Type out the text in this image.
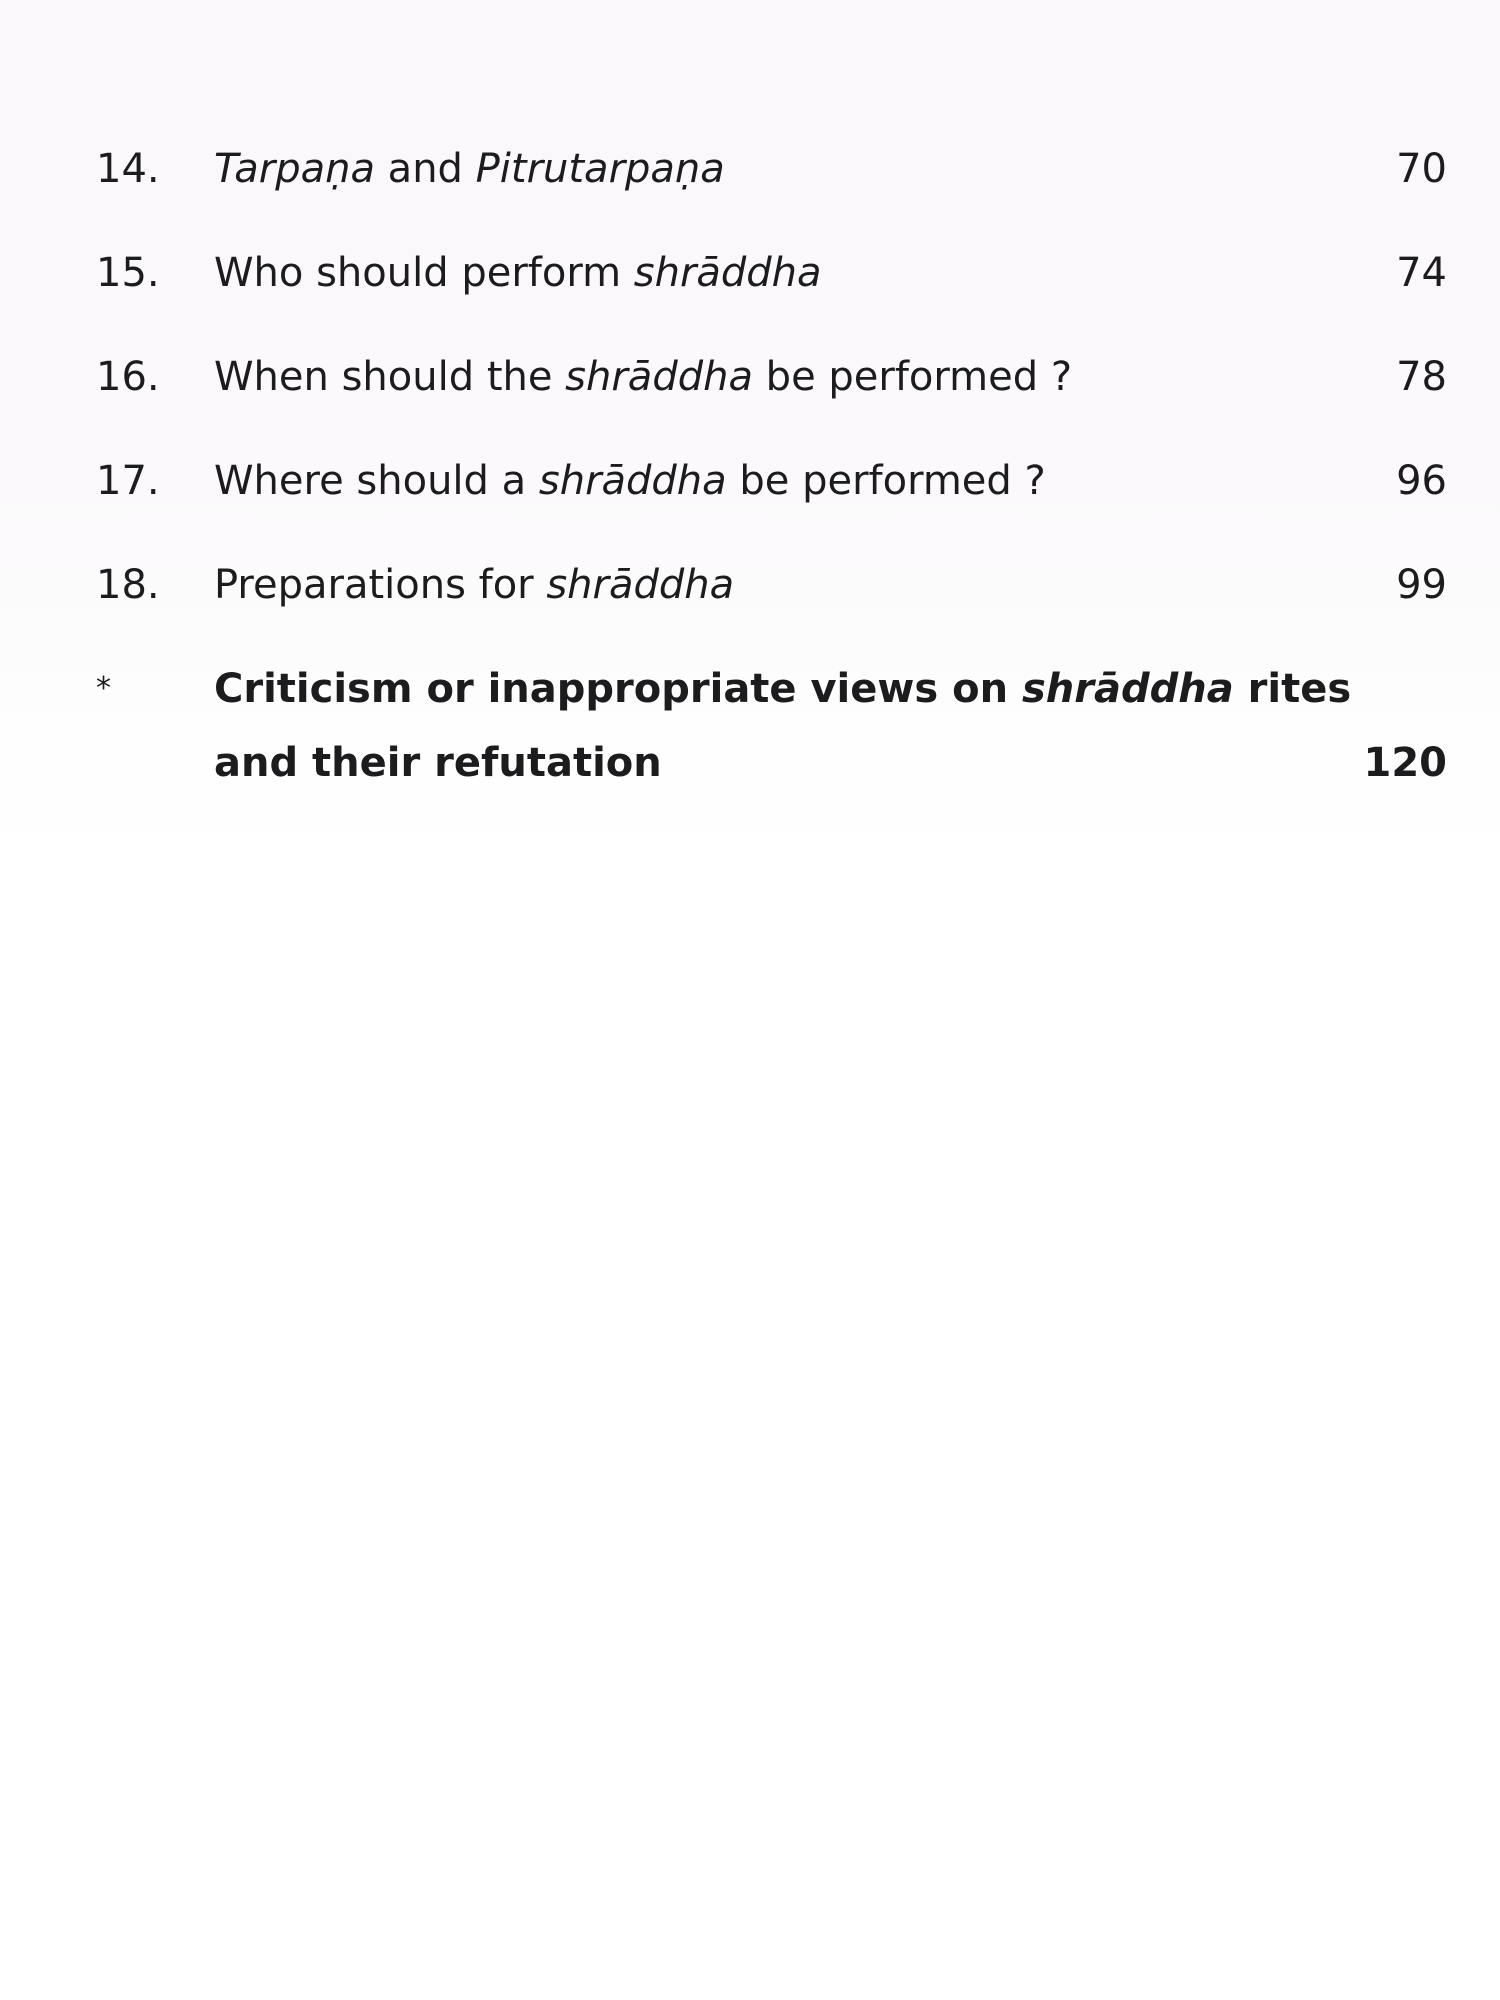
14.	Tarpaṇa and Pitrutarpaṇa	70
15.	Who should perform shrāddha	74
16.	When should the shrāddha be performed ?	78
17.	Where should a shrāddha be performed ?	96
18.	Preparations for shrāddha	99
*	Criticism or inappropriate views on shrāddha rites
and their refutation	120
